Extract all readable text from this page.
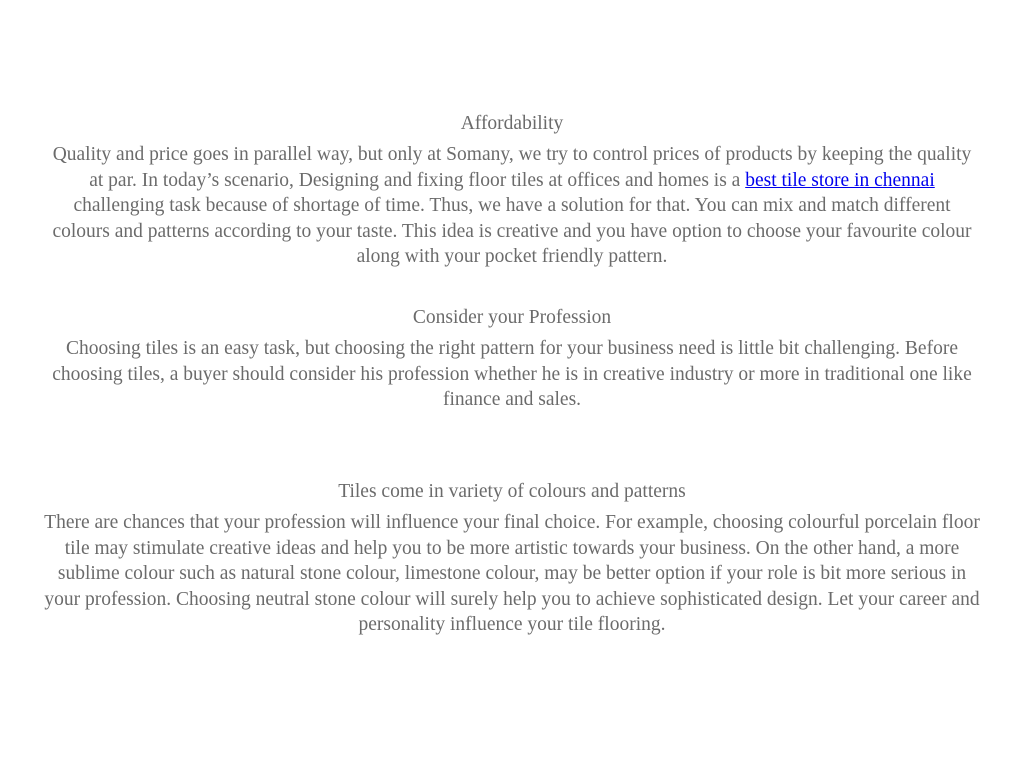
Affordability

Quality and price goes in parallel way, but only at Somany, we try to control prices of products by keeping the quality at par. In today’s scenario, Designing and fixing floor tiles at offices and homes is a best tile store in chennai  challenging task because of shortage of time. Thus, we have a solution for that. You can mix and match different colours and patterns according to your taste. This idea is creative and you have option to choose your favourite colour along with your pocket friendly pattern.

Consider your Profession

Choosing tiles is an easy task, but choosing the right pattern for your business need is little bit challenging. Before choosing tiles, a buyer should consider his profession whether he is in creative industry or more in traditional one like finance and sales.

Tiles come in variety of colours and patterns

There are chances that your profession will influence your final choice. For example, choosing colourful porcelain floor tile may stimulate creative ideas and help you to be more artistic towards your business. On the other hand, a more sublime colour such as natural stone colour, limestone colour, may be better option if your role is bit more serious in your profession. Choosing neutral stone colour will surely help you to achieve sophisticated design. Let your career and personality influence your tile flooring.
